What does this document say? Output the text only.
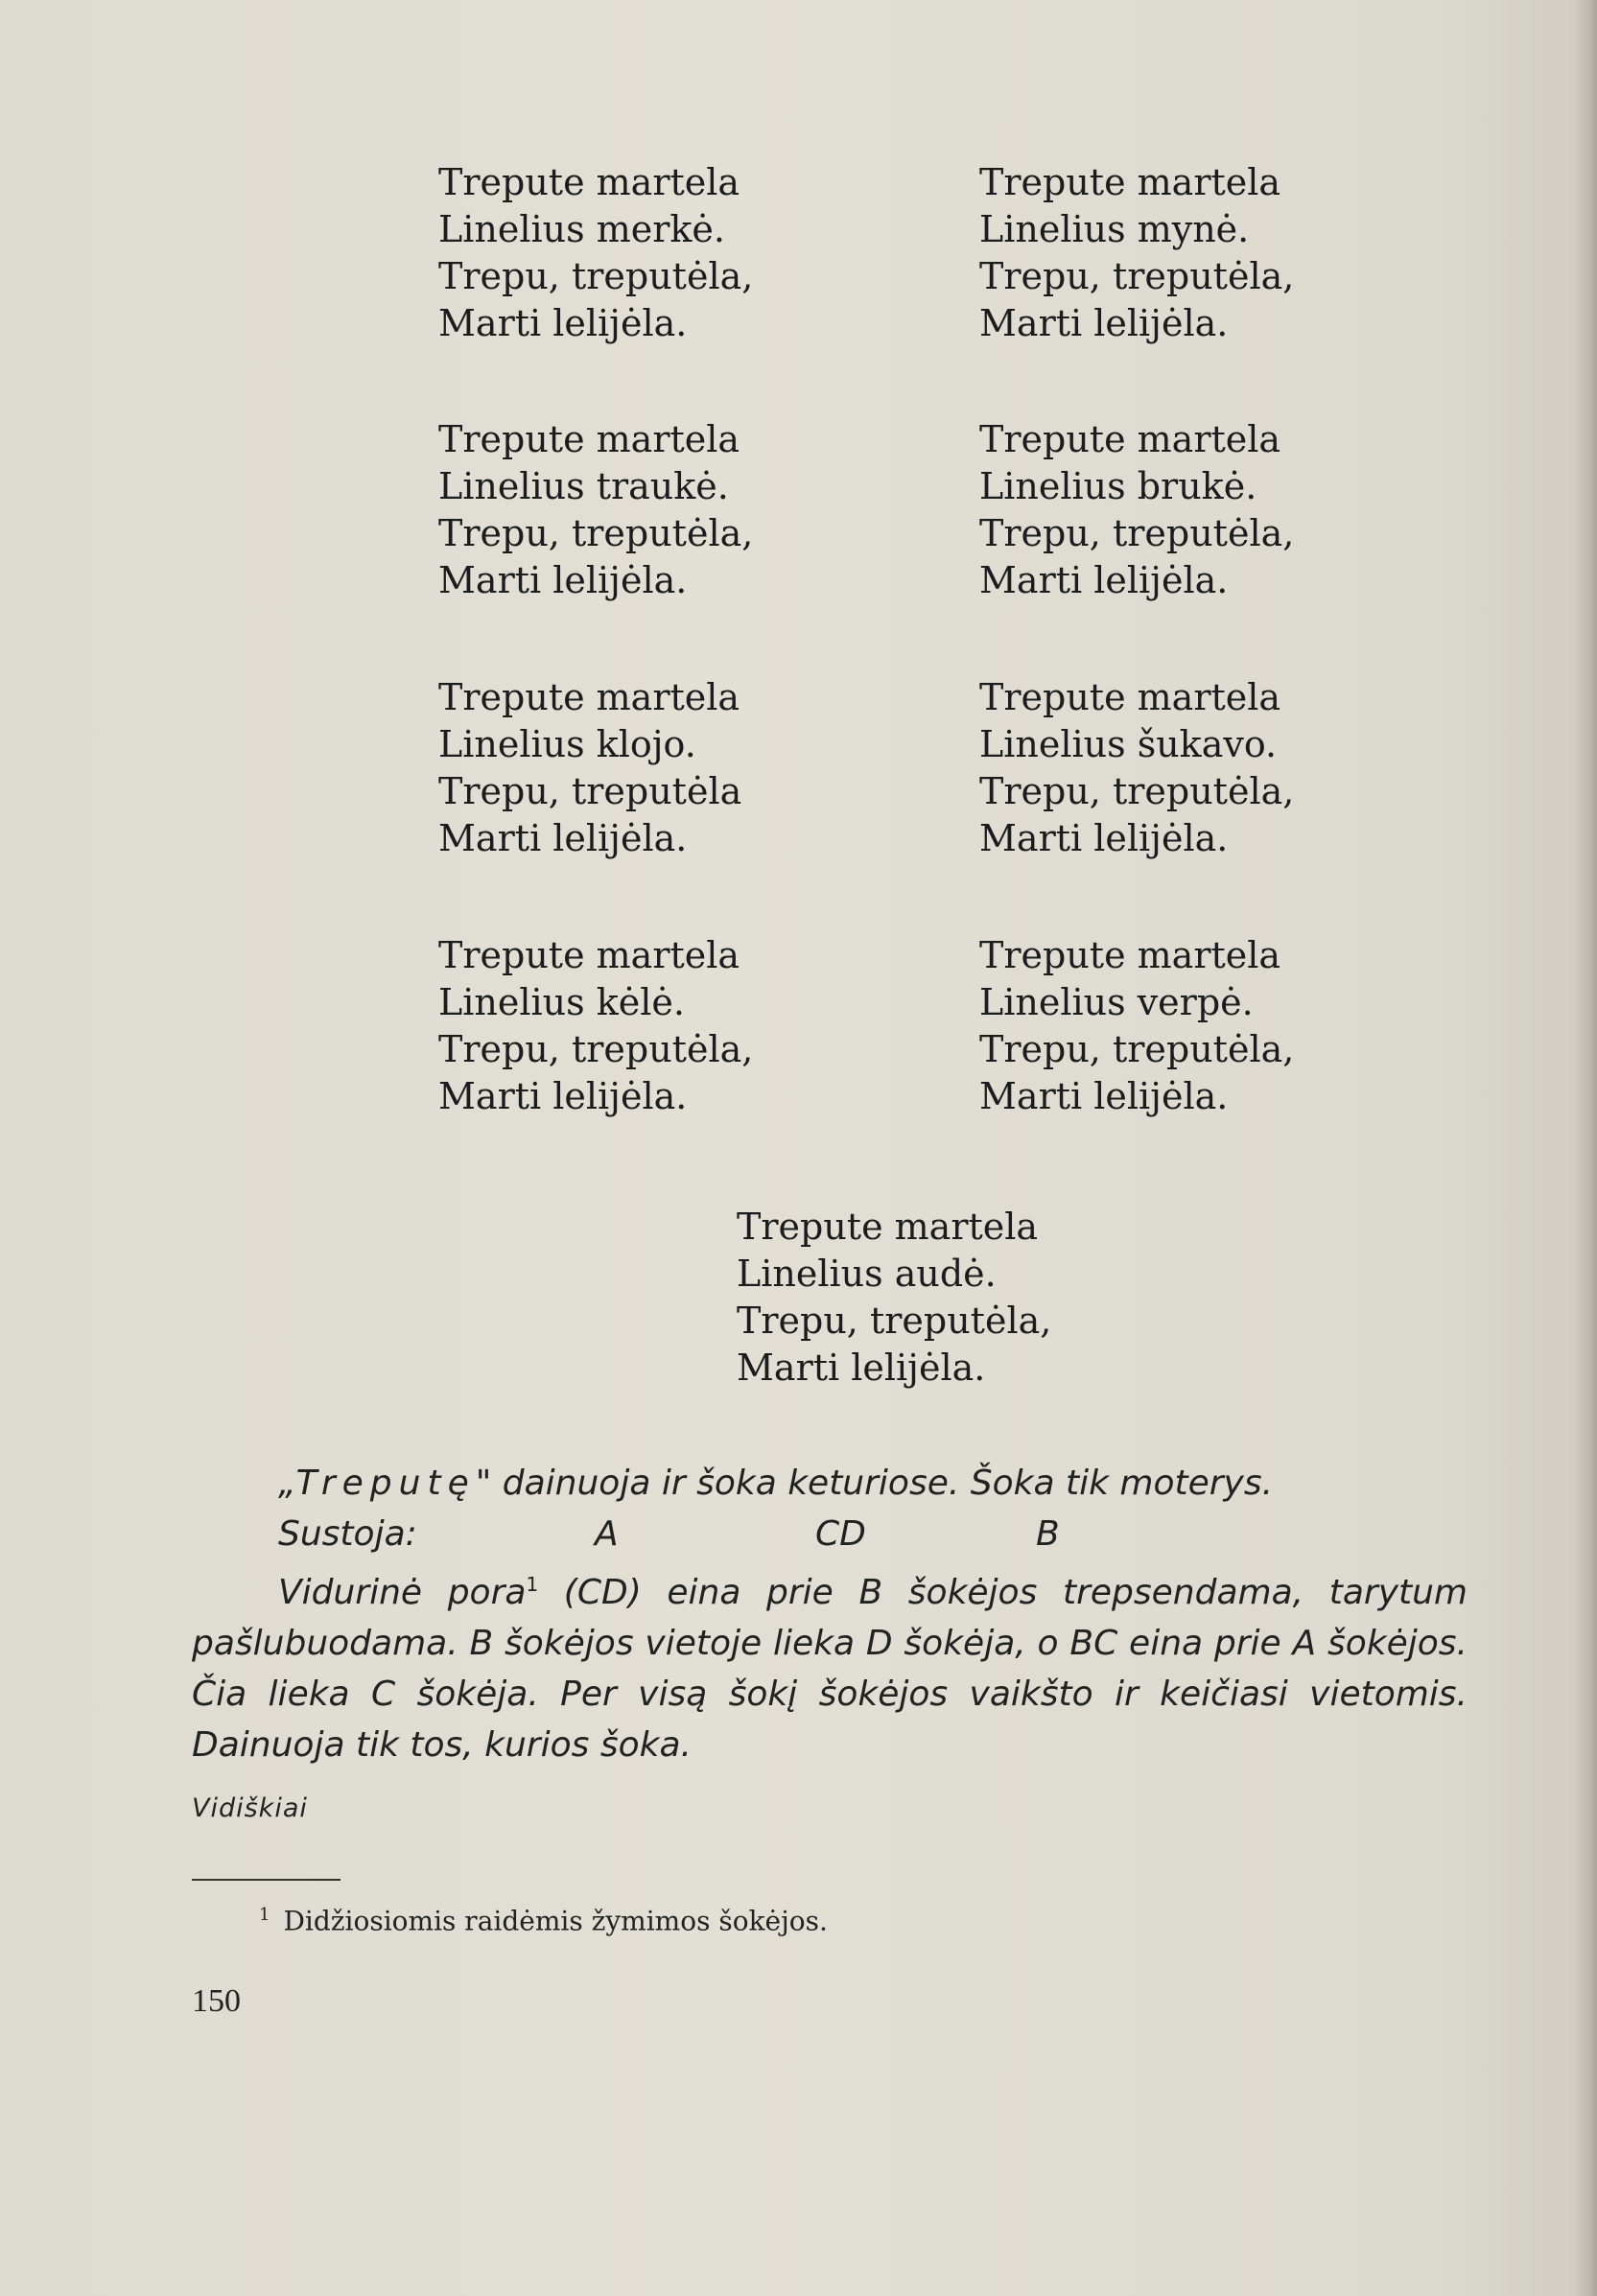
Trepute martela
Linelius merkė.
Trepu, treputėla,
Marti lelijėla.
Trepute martela
Linelius mynė.
Trepu, treputėla,
Marti lelijėla.
Trepute martela
Linelius traukė.
Trepu, treputėla,
Marti lelijėla.
Trepute martela
Linelius brukė.
Trepu, treputėla,
Marti lelijėla.
Trepute martela
Linelius klojo.
Trepu, treputėla
Marti lelijėla.
Trepute martela
Linelius šukavo.
Trepu, treputėla,
Marti lelijėla.
Trepute martela
Linelius kėlė.
Trepu, treputėla,
Marti lelijėla.
Trepute martela
Linelius verpė.
Trepu, treputėla,
Marti lelijėla.
Trepute martela
Linelius audė.
Trepu, treputėla,
Marti lelijėla.

„Treputę" dainuoja ir šoka keturiose. Šoka tik moterys.

Sustoja:	A	CD	B

Vidurinė pora$^1$ (CD) eina prie B šokėjos trepsendama, tarytum pašlubuodama. B šokėjos vietoje lieka D šokėja, o BC eina prie A šokėjos. Čia lieka C šokėja. Per visą šokį šokėjos vaikšto ir keičiasi vietomis. Dainuoja tik tos, kurios šoka.

Vidiškiai
$^1$ Didžiosiomis raidėmis žymimos šokėjos.
150
